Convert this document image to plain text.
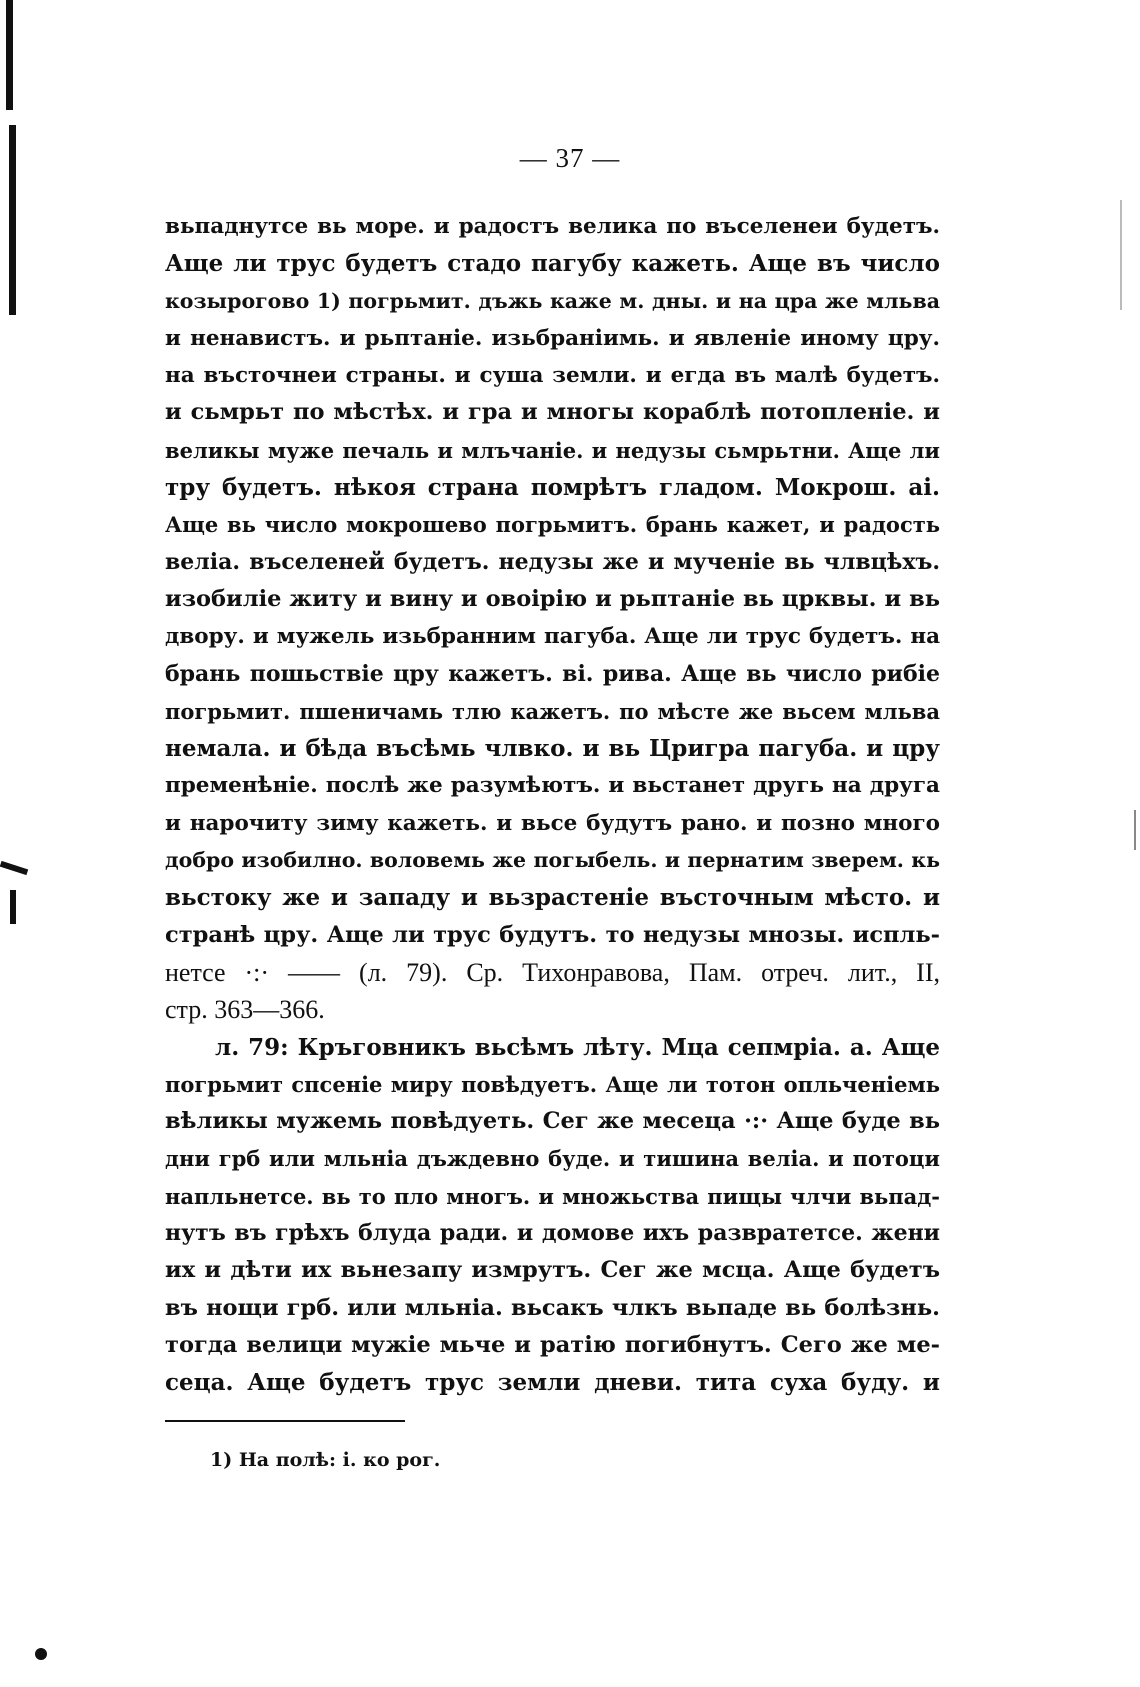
— 37 —
вьпаднутсе вь море. и радостъ велика по въселенеи будетъ.
Аще ли трус будетъ стадо пагубу кажеть. Аще въ число
козырогово 1) погрьмит. дъжь каже м. дны. и на цра же мльва
и ненавистъ. и рьптаніе. изьбраніимь. и явленіе иному цру.
на въсточнеи страны. и суша земли. и егда въ малѣ будетъ.
и сьмрьт по мѣстѣх. и гра и многы кораблѣ потопленіе. и
великы муже печаль и млъчаніе. и недузы сьмрьтни. Аще ли
тру будетъ. нѣкоя страна помрѣтъ гладом. Мокрош. аі.
Аще вь число мокрошево погрьмитъ. брань кажет, и радость
веліа. въселеней будетъ. недузы же и мученіе вь члвцѣхъ.
изобиліе житу и вину и овоірію и рьптаніе вь црквы. и вь
двору. и мужель изьбранним пагуба. Аще ли трус будетъ. на
брань пошьствіе цру кажетъ. ві. рива. Аще вь число рибіе
погрьмит. пшеничамь тлю кажетъ. по мѣсте же вьсем мльва
немала. и бѣда въсѣмь члвко. и вь Цригра пагуба. и цру
пременѣніе. послѣ же разумѣютъ. и вьстанет другь на друга
и нарочиту зиму кажеть. и вьсе будутъ рано. и позно много
добро изобилно. воловемь же погыбель. и пернатим зверем. кь
вьстоку же и западу и вьзрастеніе въсточным мѣсто. и
странѣ цру. Аще ли трус будутъ. то недузы мнозы. испль-
нетсе ·:· —— (л. 79). Ср. Тихонравова, Пам. отреч. лит., II,
стр. 363—366.
л. 79: Кръговникъ вьсѣмъ лѣту. Мца сепмріа. а. Аще
погрьмит спсеніе миру повѣдуетъ. Аще ли тотон опльченіемь
вѣликы мужемь повѣдуеть. Сег же месеца ·:· Аще буде вь
дни грб или мльніа дъждевно буде. и тишина веліа. и потоци
напльнетсе. вь то пло многъ. и множьства пищы члчи вьпад-
нутъ въ грѣхъ блуда ради. и домове ихъ развратетсе. жени
их и дѣти их вьнезапу измрутъ. Сег же мсца. Аще будетъ
въ нощи грб. или мльніа. вьсакъ члкъ вьпаде вь болѣзнь.
тогда велици мужіе мьче и ратію погибнутъ. Сего же ме-
сеца. Аще будетъ трус земли дневи. тита суха буду. и
1) На полѣ: і. ко рог.
